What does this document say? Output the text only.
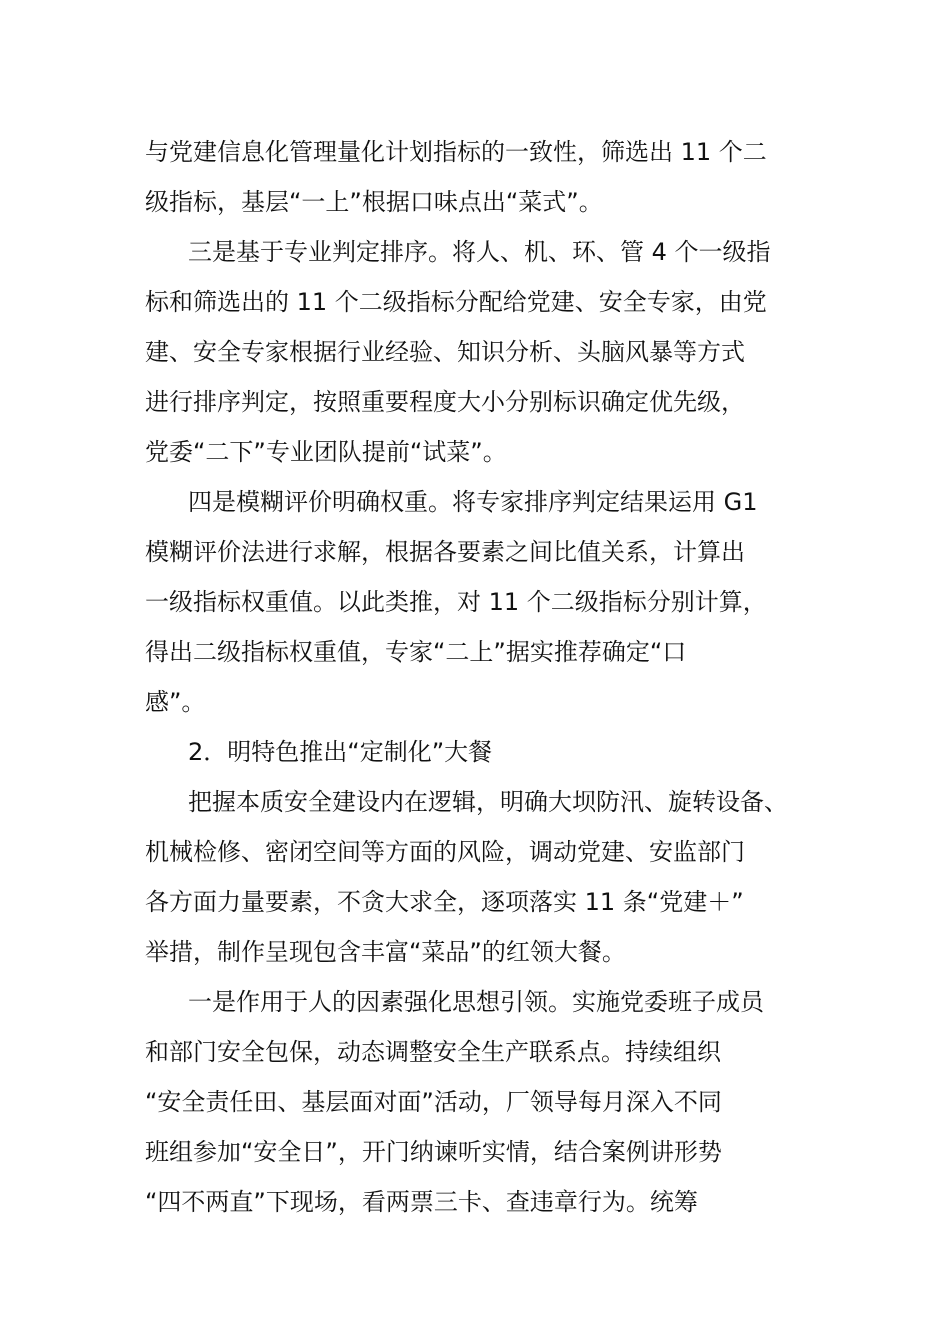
与党建信息化管理量化计划指标的一致性，筛选出 11 个二
级指标，基层“一上”根据口味点出“菜式”。
三是基于专业判定排序。将人、机、环、管 4 个一级指
标和筛选出的 11 个二级指标分配给党建、安全专家，由党
建、安全专家根据行业经验、知识分析、头脑风暴等方式
进行排序判定，按照重要程度大小分别标识确定优先级，
党委“二下”专业团队提前“试菜”。
四是模糊评价明确权重。将专家排序判定结果运用 G1
模糊评价法进行求解，根据各要素之间比值关系，计算出
一级指标权重值。以此类推，对 11 个二级指标分别计算，
得出二级指标权重值，专家“二上”据实推荐确定“口
感”。
2．明特色推出“定制化”大餐
把握本质安全建设内在逻辑，明确大坝防汛、旋转设备、
机械检修、密闭空间等方面的风险，调动党建、安监部门
各方面力量要素，不贪大求全，逐项落实 11 条“党建＋”
举措，制作呈现包含丰富“菜品”的红领大餐。
一是作用于人的因素强化思想引领。实施党委班子成员
和部门安全包保，动态调整安全生产联系点。持续组织
“安全责任田、基层面对面”活动，厂领导每月深入不同
班组参加“安全日”，开门纳谏听实情，结合案例讲形势
“四不两直”下现场，看两票三卡、查违章行为。统筹
